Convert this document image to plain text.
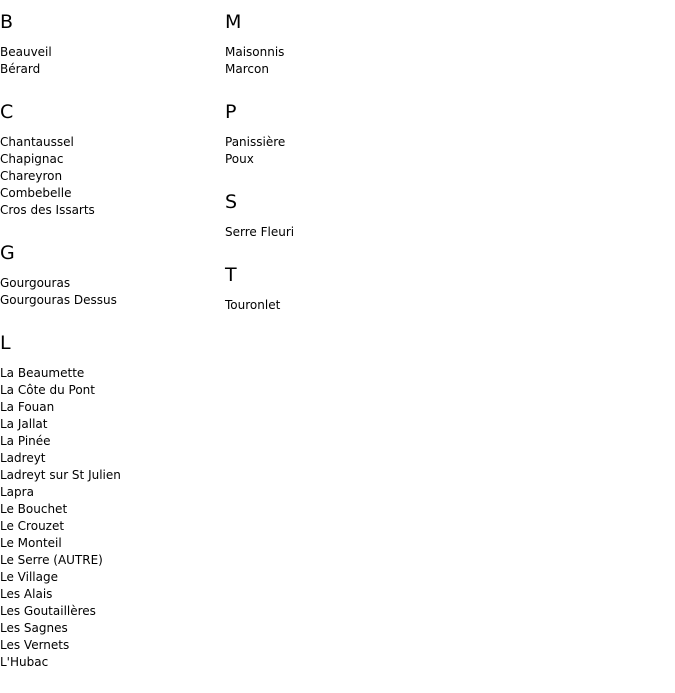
B
Beauveil
Bérard
C
Chantaussel
Chapignac
Chareyron
Combebelle
Cros des Issarts
G
Gourgouras
Gourgouras Dessus
L
La Beaumette
La Côte du Pont
La Fouan
La Jallat
La Pinée
Ladreyt
Ladreyt sur St Julien
Lapra
Le Bouchet
Le Crouzet
Le Monteil
Le Serre (AUTRE)
Le Village
Les Alais
Les Goutaillères
Les Sagnes
Les Vernets
L'Hubac
M
Maisonnis
Marcon
P
Panissière
Poux
S
Serre Fleuri
T
Touronlet
